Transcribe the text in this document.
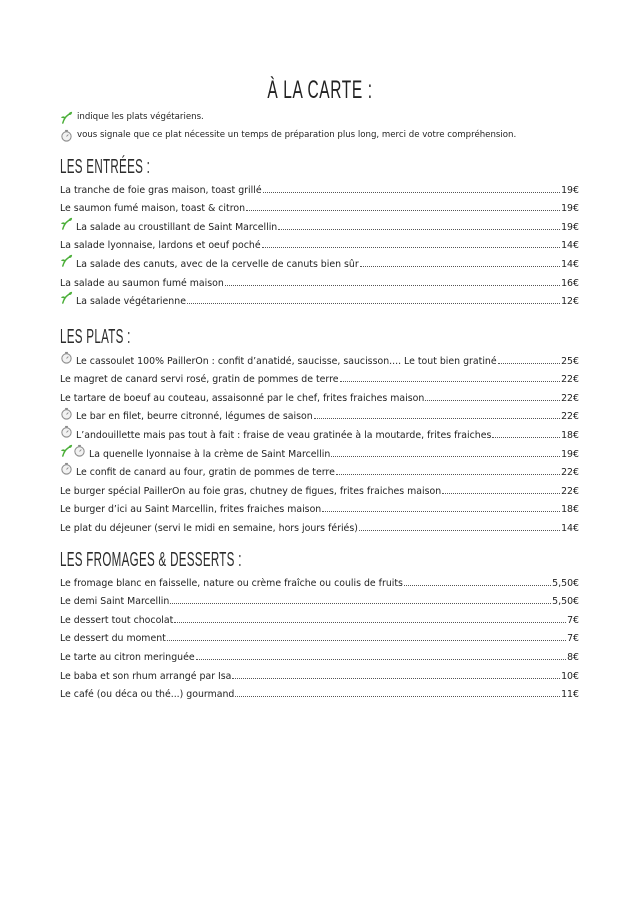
À LA CARTE :
indique les plats végétariens.
vous signale que ce plat nécessite un temps de préparation plus long, merci de votre compréhension.
LES ENTRÉES :
La tranche de foie gras maison, toast grillé	19€
Le saumon fumé maison, toast & citron	19€
La salade au croustillant de Saint Marcellin	19€
La salade lyonnaise, lardons et oeuf poché	14€
La salade des canuts, avec de la cervelle de canuts bien sûr	14€
La salade au saumon fumé maison	16€
La salade végétarienne	12€
LES PLATS :
Le cassoulet 100% PaillerOn : confit d’anatidé, saucisse, saucisson.... Le tout bien gratiné	25€
Le magret de canard servi rosé, gratin de pommes de terre	22€
Le tartare de boeuf au couteau, assaisonné par le chef, frites fraiches maison	22€
Le bar en filet, beurre citronné, légumes de saison	22€
L’andouillette mais pas tout à fait : fraise de veau gratinée à la moutarde, frites fraiches	18€
La quenelle lyonnaise à la crème de Saint Marcellin	19€
Le confit de canard au four, gratin de pommes de terre	22€
Le burger spécial PaillerOn au foie gras, chutney de figues, frites fraiches maison	22€
Le burger d’ici au Saint Marcellin, frites fraiches maison	18€
Le plat du déjeuner (servi le midi en semaine, hors jours fériés)	14€
LES FROMAGES & DESSERTS :
Le fromage blanc en faisselle, nature ou crème fraîche ou coulis de fruits	5,50€
Le demi Saint Marcellin	5,50€
Le dessert tout chocolat	7€
Le dessert du moment	7€
Le tarte au citron meringuée	8€
Le baba et son rhum arrangé par Isa	10€
Le café (ou déca ou thé...) gourmand	11€
